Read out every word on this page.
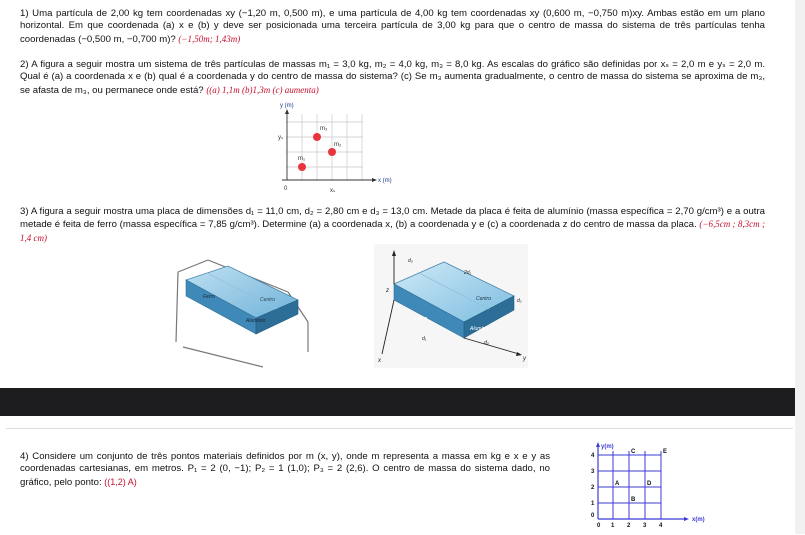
1) Uma partícula de 2,00 kg tem coordenadas xy (−1,20 m, 0,500 m), e uma partícula de 4,00 kg tem coordenadas xy (0,600 m, −0,750 m)xy. Ambas estão em um plano horizontal. Em que coordenada (a) x e (b) y deve ser posicionada uma terceira partícula de 3,00 kg para que o centro de massa do sistema de três partículas tenha coordenadas (−0,500 m, −0,700 m)? (−1,50m; 1,43m)
2) A figura a seguir mostra um sistema de três partículas de massas m₁ = 3,0 kg, m₂ = 4,0 kg, m₃ = 8,0 kg. As escalas do gráfico são definidas por xₛ = 2,0 m e yₛ = 2,0 m. Qual é (a) a coordenada x e (b) qual é a coordenada y do centro de massa do sistema? (c) Se m₃ aumenta gradualmente, o centro de massa do sistema se aproxima de m₃, se afasta de m₃, ou permanece onde está? ((a) 1,1m (b)1,3m (c) aumenta)
y (m)
x (m)
yₛ
xₛ
0
m₁
m₂
m₃
3) A figura a seguir mostra uma placa de dimensões d₁ = 11,0 cm, d₂ = 2,80 cm e d₃ = 13,0 cm. Metade da placa é feita de alumínio (massa específica = 2,70 g/cm³) e a outra metade é feita de ferro (massa específica = 7,85 g/cm³). Determine (a) a coordenada x, (b) a coordenada y e (c) a coordenada z do centro de massa da placa. (−6,5cm ; 8,3cm ; 1,4 cm)
Ferro	Centro
Alumínio
z
y
x
2d₁
d₂
d₃
d₁
d₃
Ferro
Centro
Alumínio
4) Considere um conjunto de três pontos materiais definidos por m (x, y), onde m representa a massa em kg e x e y as coordenadas cartesianas, em metros. P₁ = 2 (0, −1); P₂ = 1 (1,0); P₃ = 2 (2,6). O centro de massa do sistema dado, no gráfico, pelo ponto: ((1,2) A)
y(m)
x(m)
4
3
2
1
0
0 1 2 3 4
A
B
C
D
E
